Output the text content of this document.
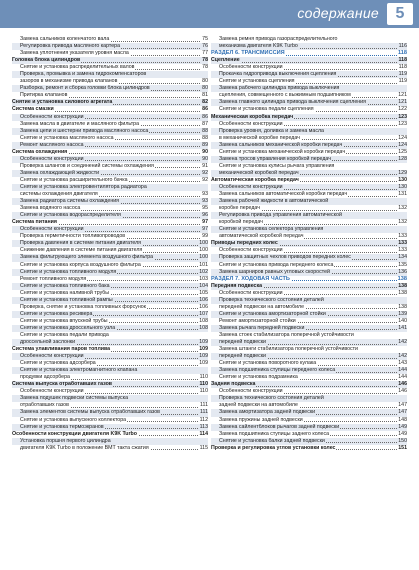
содержание	5
Замена сальников коленчатого вала	75
Регулировка привода масляного картера	76
Замена уплотнения указателя уровня масла	77
Головка блока цилиндров	78
Снятие и установка распределительных валов	78
Проверка, промывка и замена гидрокомпенсаторов
зазоров в механизме привода клапанов	80
Разборка, ремонт и сборка головки блока цилиндров	80
Притирка клапанов	81
Снятие и установка силового агрегата	82
Система смазки	86
Особенности конструкции	86
Замена масла в двигателе и масляного фильтра	87
Замена цепи и шестерни привода масляного насоса	88
Снятие и установка масляного насоса	88
Ремонт масляного насоса	89
Система охлаждения	90
Особенности конструкции	90
Проверка шлангов и соединений системы охлаждения	91
Замена охлаждающей жидкости	92
Снятие и установка расширительного бачка	92
Снятие и установка электровентилятора радиатора
системы охлаждения двигателя	93
Замена радиатора системы охлаждения	93
Замена водяного насоса	95
Снятие и установка водораспределителя	96
Система питания	97
Особенности конструкции	97
Проверка герметичности топливопроводов	99
Проверка давления в системе питания двигателя	100
Снижение давления в системе питания двигателя	100
Замена фильтрующего элемента воздушного фильтра	100
Снятие и установка корпуса воздушного фильтра	101
Снятие и установка топливного модуля	102
Ремонт топливного модуля	103
Снятие и установка топливного бака	104
Снятие и установка наливной трубы	105
Снятие и установка топливной рампы	106
Проверка, снятие и установка топливных форсунок	106
Снятие и установка ресивера	107
Снятие и установка впускной трубы	108
Снятие и установка дроссельного узла	108
Снятие и установка педали привода
дроссельной заслонки	109
Система улавливания паров топлива	109
Особенности конструкции	109
Снятие и установка адсорбера	109
Снятие и установка электромагнитного клапана
продувки адсорбера	110
Система выпуска отработавших газов	110
Особенности конструкции	110
Замена подушек подвески системы выпуска
отработавших газов	111
Замена элементов системы выпуска отработавших газов	111
Снятие и установка выпускного коллектора	112
Снятие и установка термоэкранов	113
Особенности конструкции двигателя K9K Turbo	114
Установка поршня первого цилиндра
двигателя K9K Turbo в положение ВМТ такта сжатия	115
Замена ремня привода газораспределительного
механизма двигателя K9K Turbo	116
РАЗДЕЛ 6. ТРАНСМИССИЯ	118
Сцепление	118
Особенности конструкции	118
Прокачка гидропривода выключения сцепления	119
Снятие и установка сцепления	119
Замена рабочего цилиндра привода выключения
сцепления, совмещенного с выжимным подшипником	121
Замена главного цилиндра привода выключения сцепления	121
Снятие и установка педали сцепления	122
Механическая коробка передач	123
Особенности конструкции	123
Проверка уровня, доливка и замена масла
в механической коробке передач	124
Замена сальников механической коробки передач	124
Снятие и установка механической коробки передач	125
Замена тросов управления коробкой передач	128
Снятие и установка кулисы рычага управления
механической коробкой передач	129
Автоматическая коробка передач	130
Особенности конструкции	130
Замена сальников автоматической коробки передач	131
Замена рабочей жидкости в автоматической
коробке передач	132
Регулировка привода управления автоматической
коробкой передач	132
Снятие и установка селектора управления
автоматической коробкой передач	133
Приводы передних колес	133
Особенности конструкции	133
Проверка защитных чехлов приводов передних колес	134
Снятие и установка привода переднего колеса	135
Замена шарниров равных угловых скоростей	136
РАЗДЕЛ 7. ХОДОВАЯ ЧАСТЬ	138
Передняя подвеска	138
Особенности конструкции	138
Проверка технического состояния деталей
передней подвески на автомобиле	138
Снятие и установка амортизаторной стойки	139
Ремонт амортизаторной стойки	140
Замена рычага передней подвески	141
Замена стоек стабилизатора поперечной устойчивости
передней подвески	142
Замена штанги стабилизатора поперечной устойчивости
передней подвески	142
Снятие и установка поворотного кулака	143
Замена подшипника ступицы переднего колеса	144
Снятие и установка подрамника	144
Задняя подвеска	146
Особенности конструкции	146
Проверка технического состояния деталей
задней подвески на автомобиле	147
Замена амортизатора задней подвески	147
Замена пружины задней подвески	148
Замена сайлентблоков рычагов задней подвески	149
Замена подшипника ступицы заднего колеса	149
Снятие и установка балки задней подвески	150
Проверка и регулировка углов установки колес	151
